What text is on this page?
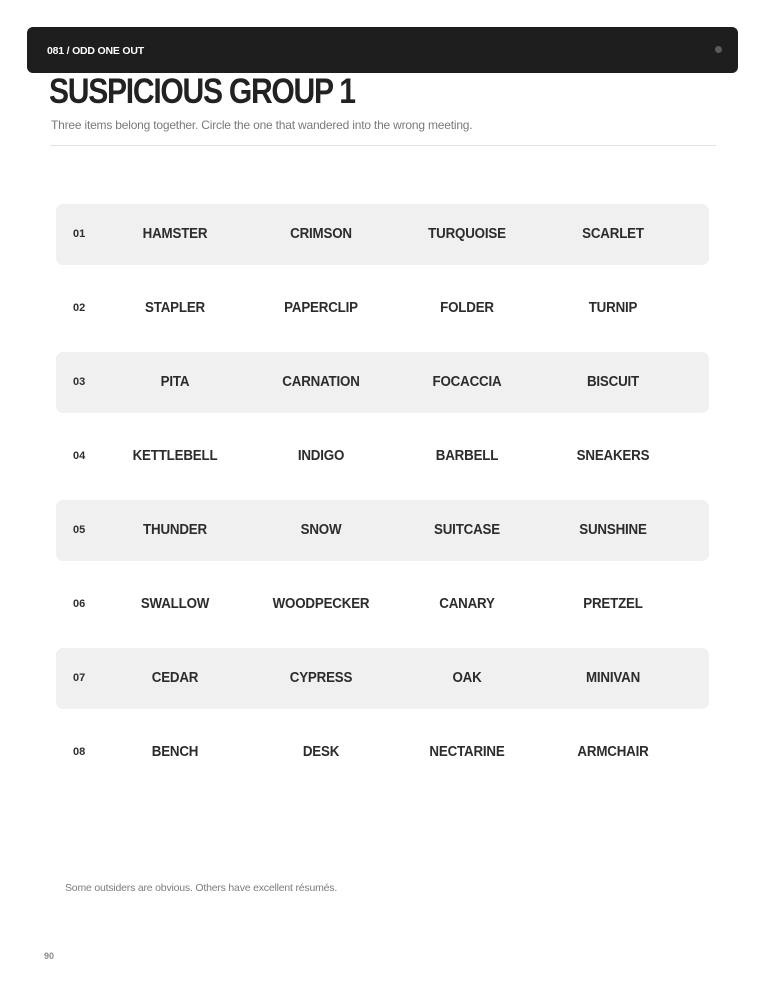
081 / ODD ONE OUT
SUSPICIOUS GROUP 1
Three items belong together. Circle the one that wandered into the wrong meeting.
01	HAMSTER	CRIMSON	TURQUOISE	SCARLET
02	STAPLER	PAPERCLIP	FOLDER	TURNIP
03	PITA	CARNATION	FOCACCIA	BISCUIT
04	KETTLEBELL	INDIGO	BARBELL	SNEAKERS
05	THUNDER	SNOW	SUITCASE	SUNSHINE
06	SWALLOW	WOODPECKER	CANARY	PRETZEL
07	CEDAR	CYPRESS	OAK	MINIVAN
08	BENCH	DESK	NECTARINE	ARMCHAIR
Some outsiders are obvious. Others have excellent résumés.
90
